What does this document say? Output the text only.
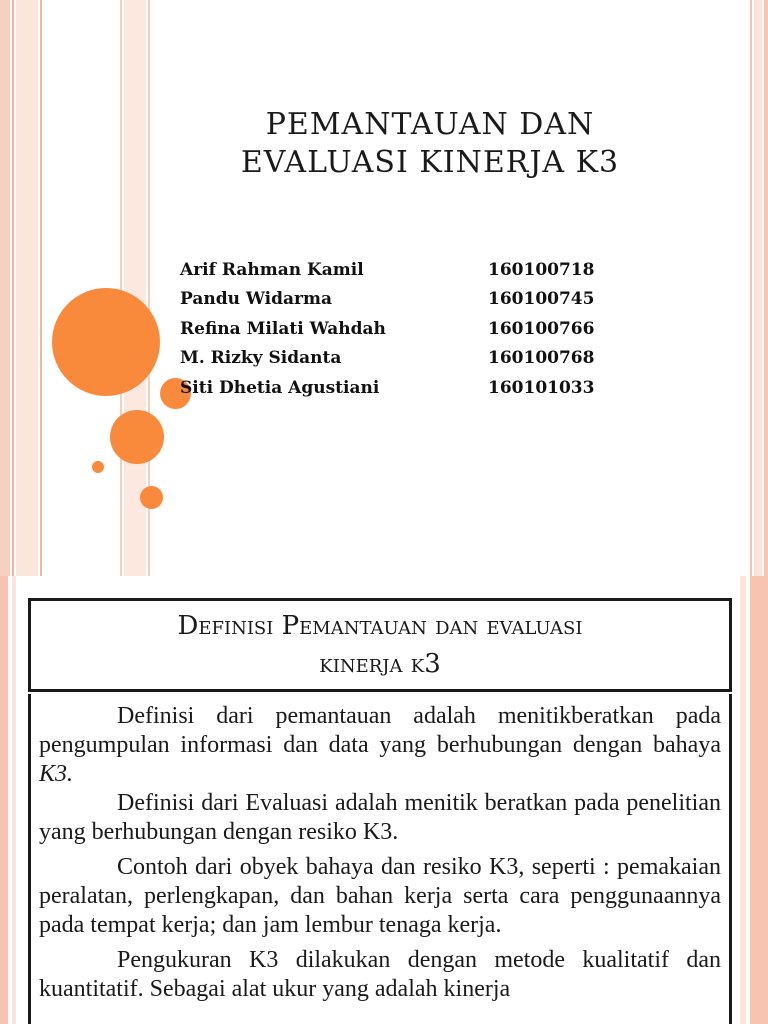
PEMANTAUAN DAN
EVALUASI KINERJA K3
Arif Rahman Kamil	160100718
Pandu Widarma	160100745
Refina Milati Wahdah	160100766
M. Rizky Sidanta	160100768
Siti Dhetia Agustiani	160101033
Definisi Pemantauan dan evaluasi
kinerja k3

Definisi dari pemantauan adalah menitikberatkan pada pengumpulan informasi dan data yang berhubungan dengan bahaya K3.

Definisi dari Evaluasi adalah menitik beratkan pada penelitian yang berhubungan dengan resiko K3.

Contoh dari obyek bahaya dan resiko K3, seperti : pemakaian peralatan, perlengkapan, dan bahan kerja serta cara penggunaannya pada tempat kerja; dan jam lembur tenaga kerja.

Pengukuran K3 dilakukan dengan metode kualitatif dan kuantitatif. Sebagai alat ukur yang adalah kinerja
